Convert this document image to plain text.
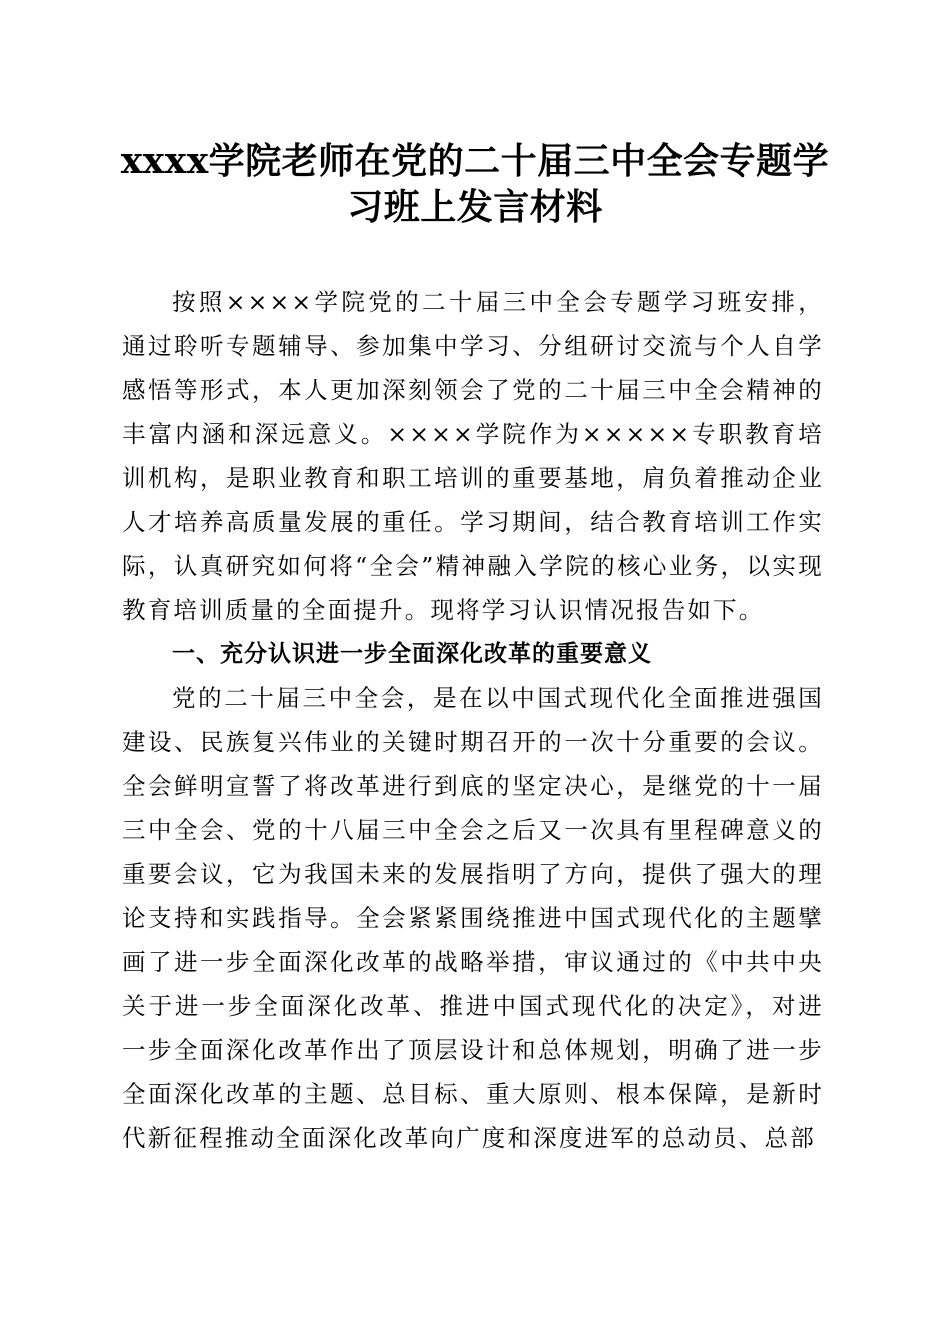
xxxx学院老师在党的二十届三中全会专题学
习班上发言材料

按照××××学院党的二十届三中全会专题学习班安排，通过聆听专题辅导、参加集中学习、分组研讨交流与个人自学感悟等形式，本人更加深刻领会了党的二十届三中全会精神的丰富内涵和深远意义。××××学院作为×××××专职教育培训机构，是职业教育和职工培训的重要基地，肩负着推动企业人才培养高质量发展的重任。学习期间，结合教育培训工作实际，认真研究如何将“全会”精神融入学院的核心业务，以实现教育培训质量的全面提升。现将学习认识情况报告如下。

一、充分认识进一步全面深化改革的重要意义

党的二十届三中全会，是在以中国式现代化全面推进强国建设、民族复兴伟业的关键时期召开的一次十分重要的会议。全会鲜明宣誓了将改革进行到底的坚定决心，是继党的十一届三中全会、党的十八届三中全会之后又一次具有里程碑意义的重要会议，它为我国未来的发展指明了方向，提供了强大的理论支持和实践指导。全会紧紧围绕推进中国式现代化的主题擘画了进一步全面深化改革的战略举措，审议通过的《中共中央关于进一步全面深化改革、推进中国式现代化的决定》，对进一步全面深化改革作出了顶层设计和总体规划，明确了进一步全面深化改革的主题、总目标、重大原则、根本保障，是新时代新征程推动全面深化改革向广度和深度进军的总动员、总部
